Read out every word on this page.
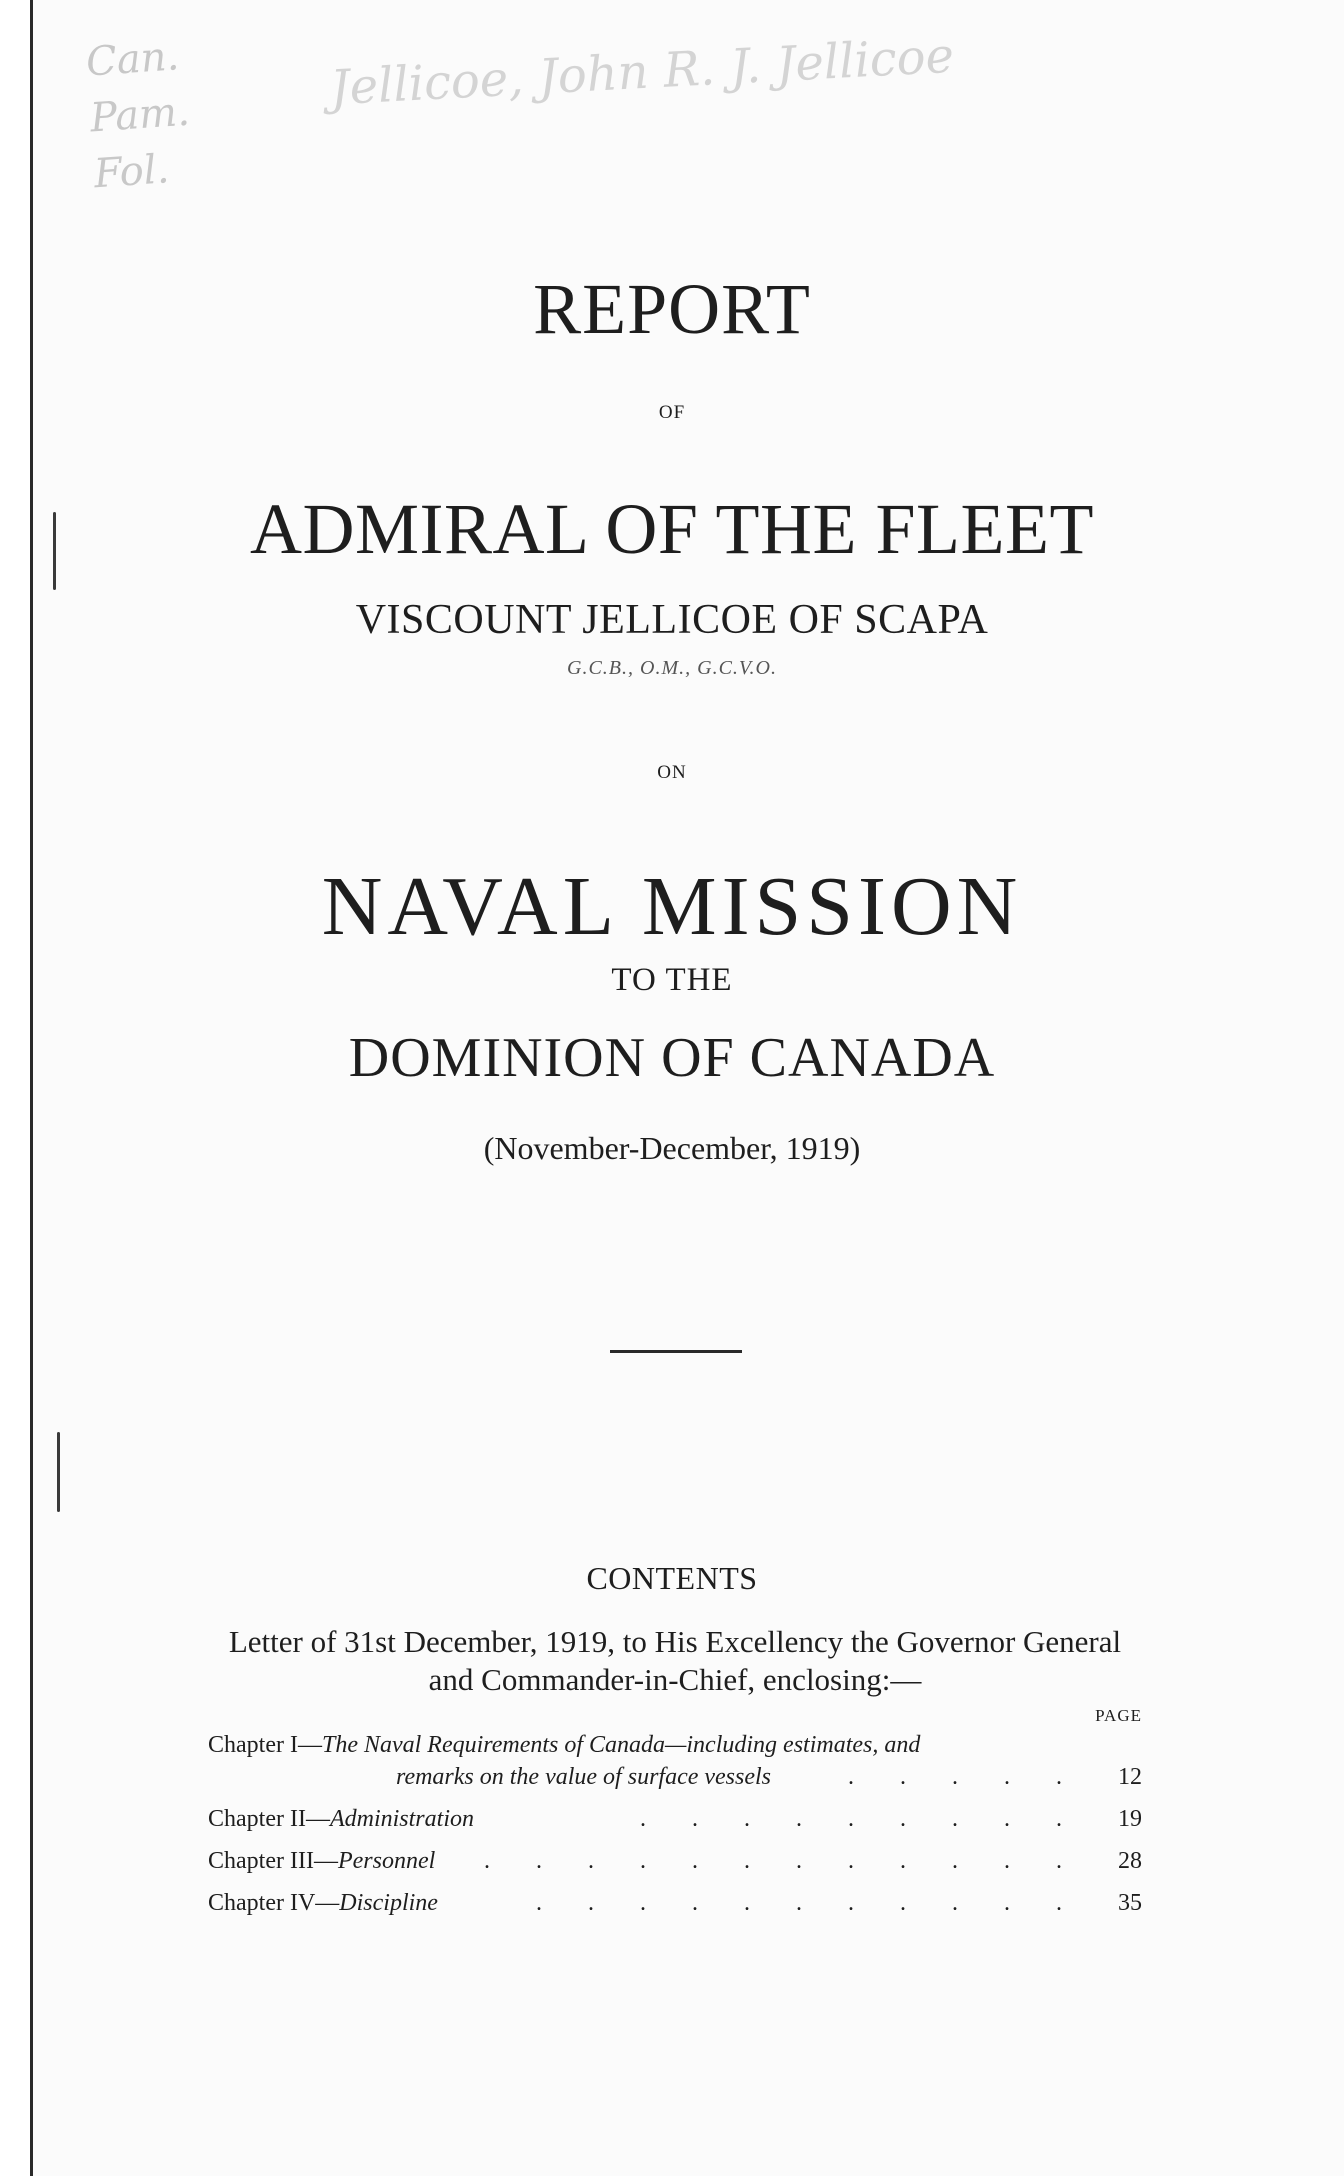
Can. Pam. Fol.
Jellicoe, John R. J. Jellicoe
REPORT
OF
ADMIRAL OF THE FLEET
VISCOUNT JELLICOE OF SCAPA
G.C.B., O.M., G.C.V.O.
ON
NAVAL MISSION
TO THE
DOMINION OF CANADA
(November-December, 1919)
CONTENTS
Letter of 31st December, 1919, to His Excellency the Governor General and Commander-in-Chief, enclosing:—
PAGE
Chapter I—The Naval Requirements of Canada—including estimates, and
remarks on the value of surface vessels	. . . . .	12
Chapter II—Administration	. . . . . . . . .	19
Chapter III—Personnel . . . . . . . . . . . .	28
Chapter IV—Discipline	. . . . . . . . . . .	35
